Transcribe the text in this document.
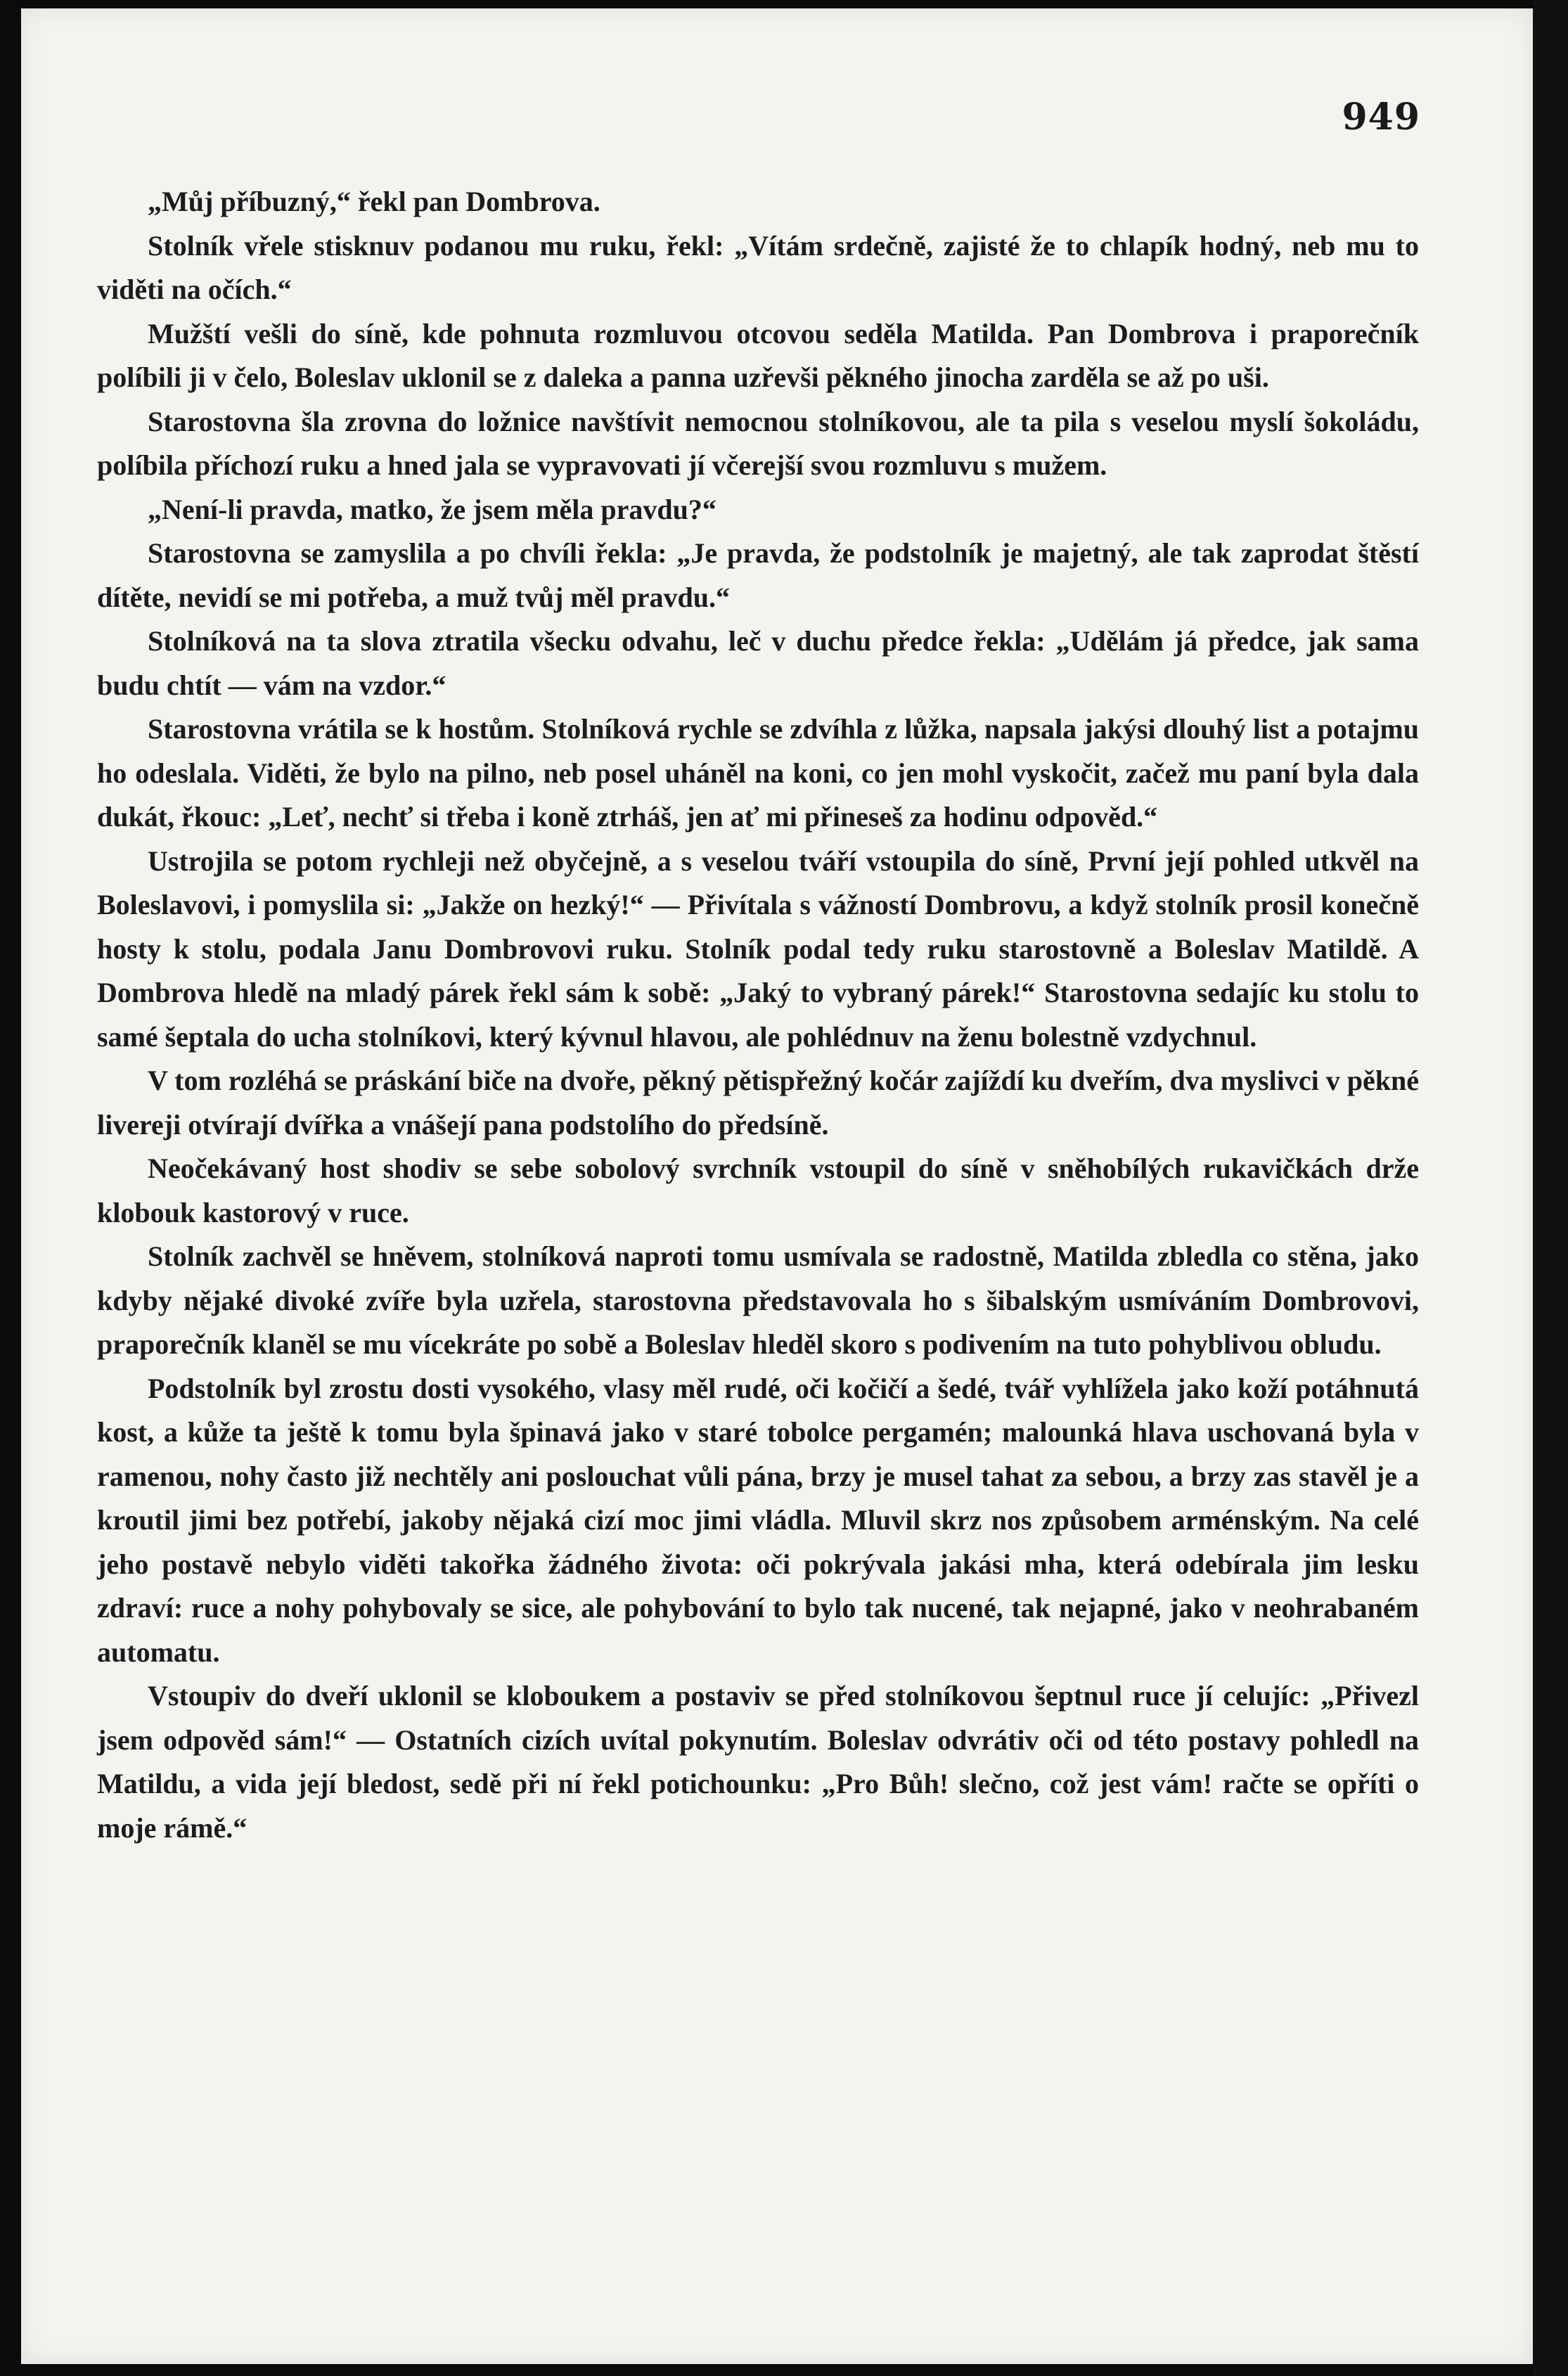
949

„Můj příbuzný,“ řekl pan Dombrova.

Stolník vřele stisknuv podanou mu ruku, řekl: „Vítám srdečně, zajisté že to chlapík hodný, neb mu to viděti na očích.“

Mužští vešli do síně, kde pohnuta rozmluvou otcovou seděla Matilda. Pan Dombrova i praporečník políbili ji v čelo, Boleslav uklonil se z daleka a panna uzřevši pěkného jinocha zarděla se až po uši.

Starostovna šla zrovna do ložnice navštívit nemocnou stolníkovou, ale ta pila s veselou myslí šokoládu, políbila příchozí ruku a hned jala se vypravovati jí včerejší svou rozmluvu s mužem.

„Není-li pravda, matko, že jsem měla pravdu?“

Starostovna se zamyslila a po chvíli řekla: „Je pravda, že podstolník je majetný, ale tak zaprodat štěstí dítěte, nevidí se mi potřeba, a muž tvůj měl pravdu.“

Stolníková na ta slova ztratila všecku odvahu, leč v duchu předce řekla: „Udělám já předce, jak sama budu chtít — vám na vzdor.“

Starostovna vrátila se k hostům. Stolníková rychle se zdvíhla z lůžka, napsala jakýsi dlouhý list a potajmu ho odeslala. Viděti, že bylo na pilno, neb posel uháněl na koni, co jen mohl vyskočit, začež mu paní byla dala dukát, řkouc: „Leť, nechť si třeba i koně ztrháš, jen ať mi přineseš za hodinu odpověd.“

Ustrojila se potom rychleji než obyčejně, a s veselou tváří vstoupila do síně, První její pohled utkvěl na Boleslavovi, i pomyslila si: „Jakže on hezký!“ — Přivítala s vážností Dombrovu, a když stolník prosil konečně hosty k stolu, podala Janu Dombrovovi ruku. Stolník podal tedy ruku starostovně a Boleslav Matildě. A Dombrova hledě na mladý párek řekl sám k sobě: „Jaký to vybraný párek!“ Starostovna sedajíc ku stolu to samé šeptala do ucha stolníkovi, který kývnul hlavou, ale pohlédnuv na ženu bolestně vzdychnul.

V tom rozléhá se práskání biče na dvoře, pěkný pětispřežný kočár zajíždí ku dveřím, dva myslivci v pěkné livereji otvírají dvířka a vnášejí pana podstolího do předsíně.

Neočekávaný host shodiv se sebe sobolový svrchník vstoupil do síně v sněhobílých rukavičkách drže klobouk kastorový v ruce.

Stolník zachvěl se hněvem, stolníková naproti tomu usmívala se radostně, Matilda zbledla co stěna, jako kdyby nějaké divoké zvíře byla uzřela, starostovna představovala ho s šibalským usmíváním Dombrovovi, praporečník klaněl se mu vícekráte po sobě a Boleslav hleděl skoro s podivením na tuto pohyblivou obludu.

Podstolník byl zrostu dosti vysokého, vlasy měl rudé, oči kočičí a šedé, tvář vyhlížela jako koží potáhnutá kost, a kůže ta ještě k tomu byla špinavá jako v staré tobolce pergamén; malounká hlava uschovaná byla v ramenou, nohy často již nechtěly ani poslouchat vůli pána, brzy je musel tahat za sebou, a brzy zas stavěl je a kroutil jimi bez potřebí, jakoby nějaká cizí moc jimi vládla. Mluvil skrz nos způsobem arménským. Na celé jeho postavě nebylo viděti takořka žádného života: oči pokrývala jakási mha, která odebírala jim lesku zdraví: ruce a nohy pohybovaly se sice, ale pohybování to bylo tak nucené, tak nejapné, jako v neohrabaném automatu.

Vstoupiv do dveří uklonil se kloboukem a postaviv se před stolníkovou šeptnul ruce jí celujíc: „Přivezl jsem odpověd sám!“ — Ostatních cizích uvítal pokynutím. Boleslav odvrátiv oči od této postavy pohledl na Matildu, a vida její bledost, sedě při ní řekl potichounku: „Pro Bůh! slečno, což jest vám! račte se opříti o moje rámě.“
